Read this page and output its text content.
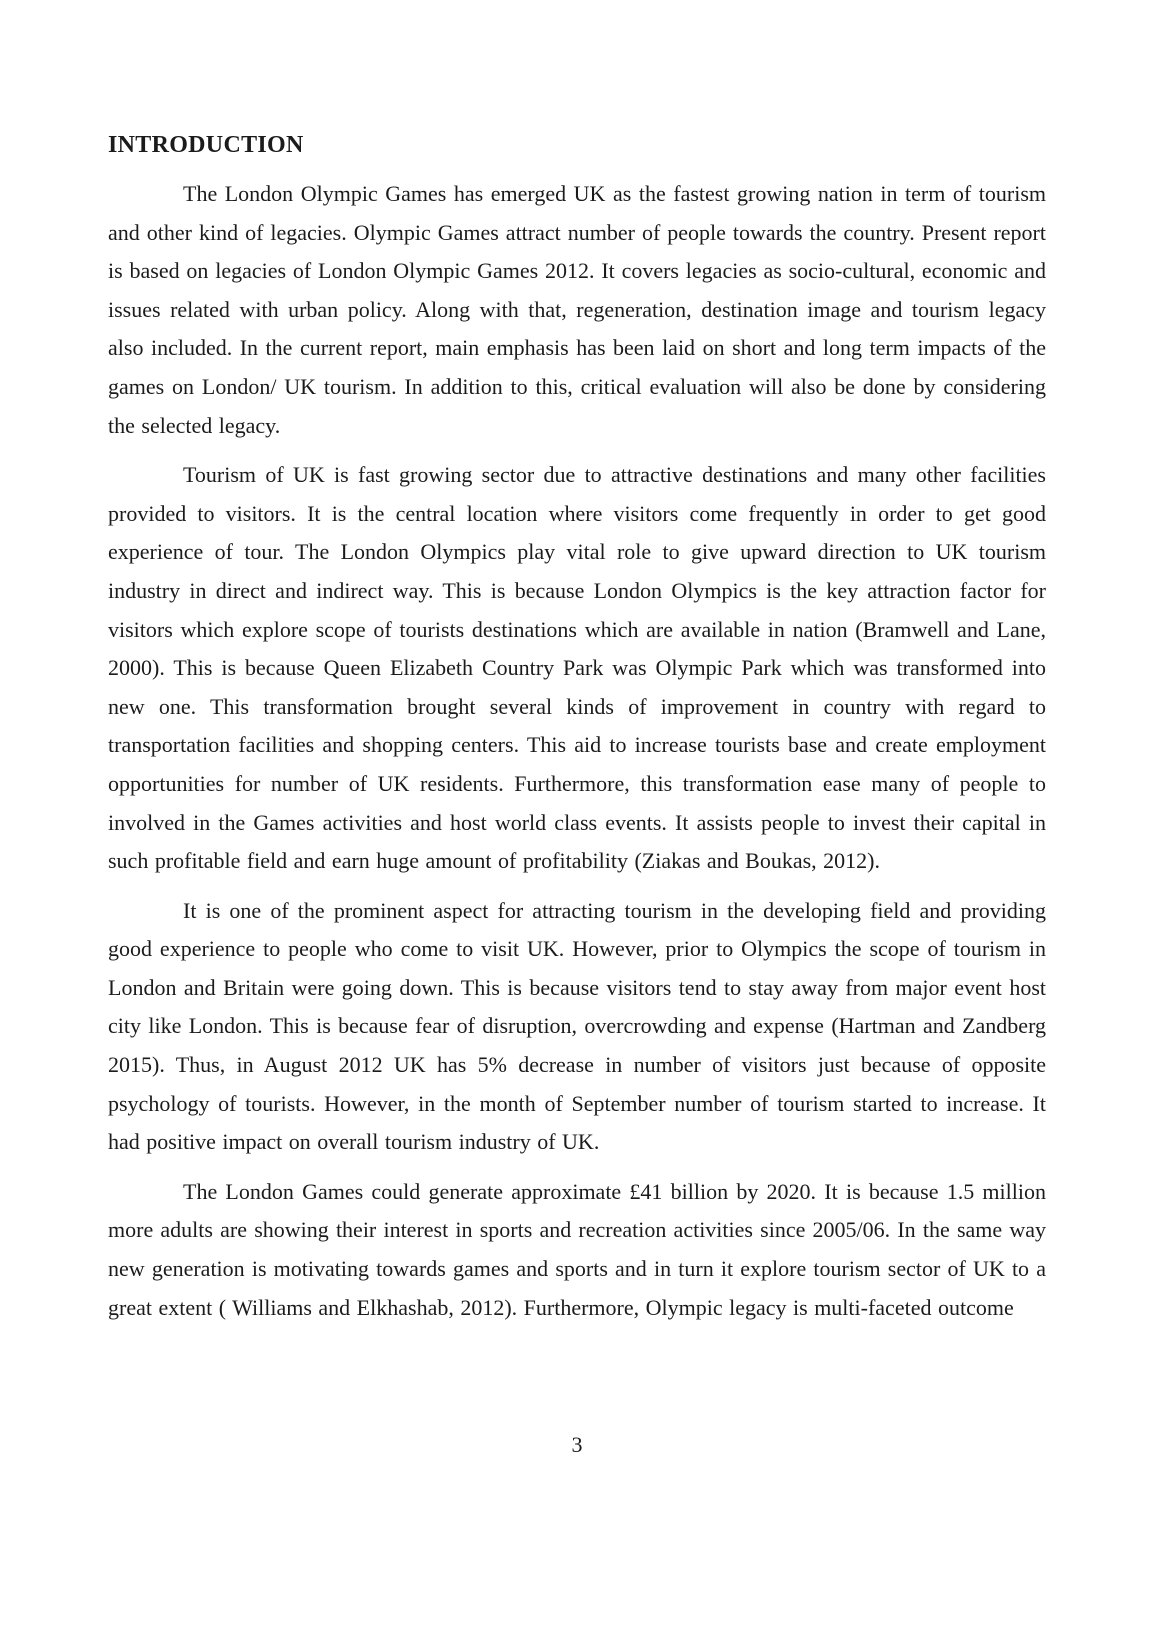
INTRODUCTION

The London Olympic Games has emerged UK as the fastest growing nation in term of tourism and other kind of legacies. Olympic Games attract number of people towards the country. Present report is based on legacies of London Olympic Games 2012. It covers legacies as socio-cultural, economic and issues related with urban policy. Along with that, regeneration, destination image and tourism legacy also included. In the current report, main emphasis has been laid on short and long term impacts of the games on London/ UK tourism. In addition to this, critical evaluation will also be done by considering the selected legacy.

Tourism of UK is fast growing sector due to attractive destinations and many other facilities provided to visitors. It is the central location where visitors come frequently in order to get good experience of tour. The London Olympics play vital role to give upward direction to UK tourism industry in direct and indirect way. This is because London Olympics is the key attraction factor for visitors which explore scope of tourists destinations which are available in nation (Bramwell and Lane, 2000). This is because Queen Elizabeth Country Park was Olympic Park which was transformed into new one. This transformation brought several kinds of improvement in country with regard to transportation facilities and shopping centers. This aid to increase tourists base and create employment opportunities for number of UK residents. Furthermore, this transformation ease many of people to involved in the Games activities and host world class events. It assists people to invest their capital in such profitable field and earn huge amount of profitability (Ziakas and Boukas, 2012).

It is one of the prominent aspect for attracting tourism in the developing field and providing good experience to people who come to visit UK. However, prior to Olympics the scope of tourism in London and Britain were going down. This is because visitors tend to stay away from major event host city like London. This is because fear of disruption, overcrowding and expense (Hartman and Zandberg 2015). Thus, in August 2012 UK has 5% decrease in number of visitors just because of opposite psychology of tourists. However, in the month of September number of tourism started to increase. It had positive impact on overall tourism industry of UK.

The London Games could generate approximate £41 billion by 2020. It is because 1.5 million more adults are showing their interest in sports and recreation activities since 2005/06. In the same way new generation is motivating towards games and sports and in turn it explore tourism sector of UK to a great extent ( Williams and Elkhashab, 2012). Furthermore, Olympic legacy is multi-faceted outcome

3
